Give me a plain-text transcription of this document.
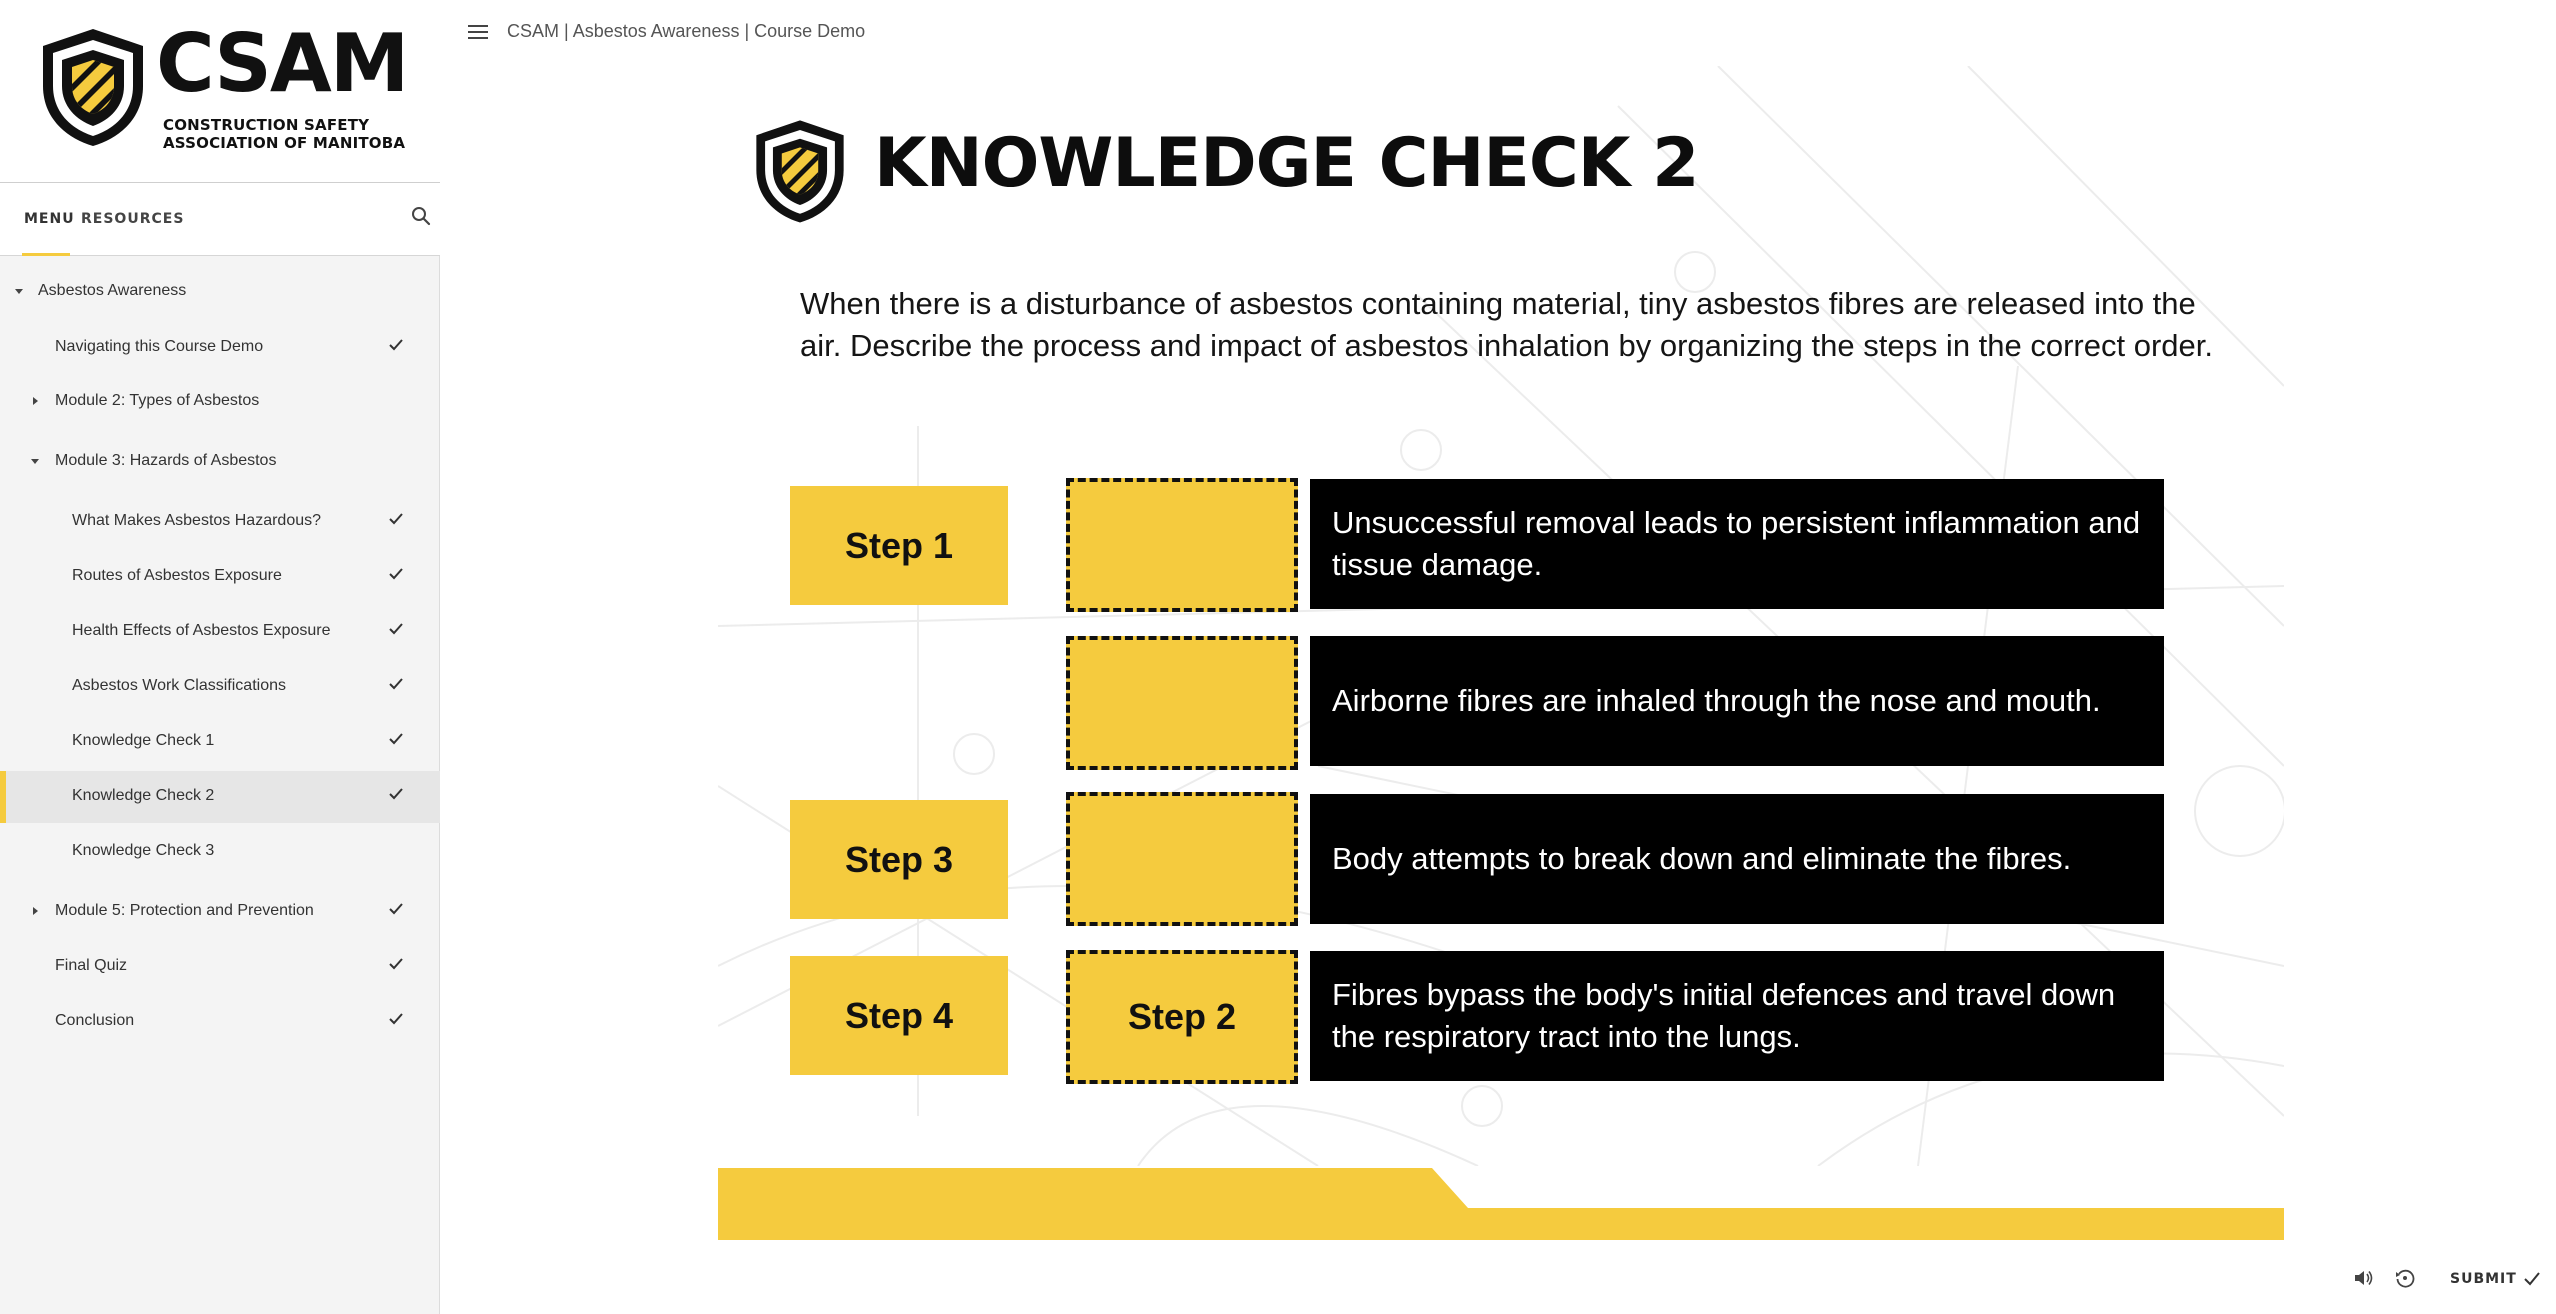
CSAM
CONSTRUCTION SAFETY
ASSOCIATION OF MANITOBA
MENU RESOURCES
Asbestos Awareness
Navigating this Course Demo
Module 2: Types of Asbestos
Module 3: Hazards of Asbestos
What Makes Asbestos Hazardous?
Routes of Asbestos Exposure
Health Effects of Asbestos Exposure
Asbestos Work Classifications
Knowledge Check 1
Knowledge Check 2
Knowledge Check 3
Module 5: Protection and Prevention
Final Quiz
Conclusion
CSAM | Asbestos Awareness | Course Demo
KNOWLEDGE CHECK 2
When there is a disturbance of asbestos containing material, tiny asbestos fibres are released into the air. Describe the process and impact of asbestos inhalation by organizing the steps in the correct order.
Step 1
Step 3
Step 4	Step 2
Unsuccessful removal leads to persistent inflammation and tissue damage.
Airborne fibres are inhaled through the nose and mouth.
Body attempts to break down and eliminate the fibres.
Fibres bypass the body's initial defences and travel down the respiratory tract into the lungs.
SUBMIT
